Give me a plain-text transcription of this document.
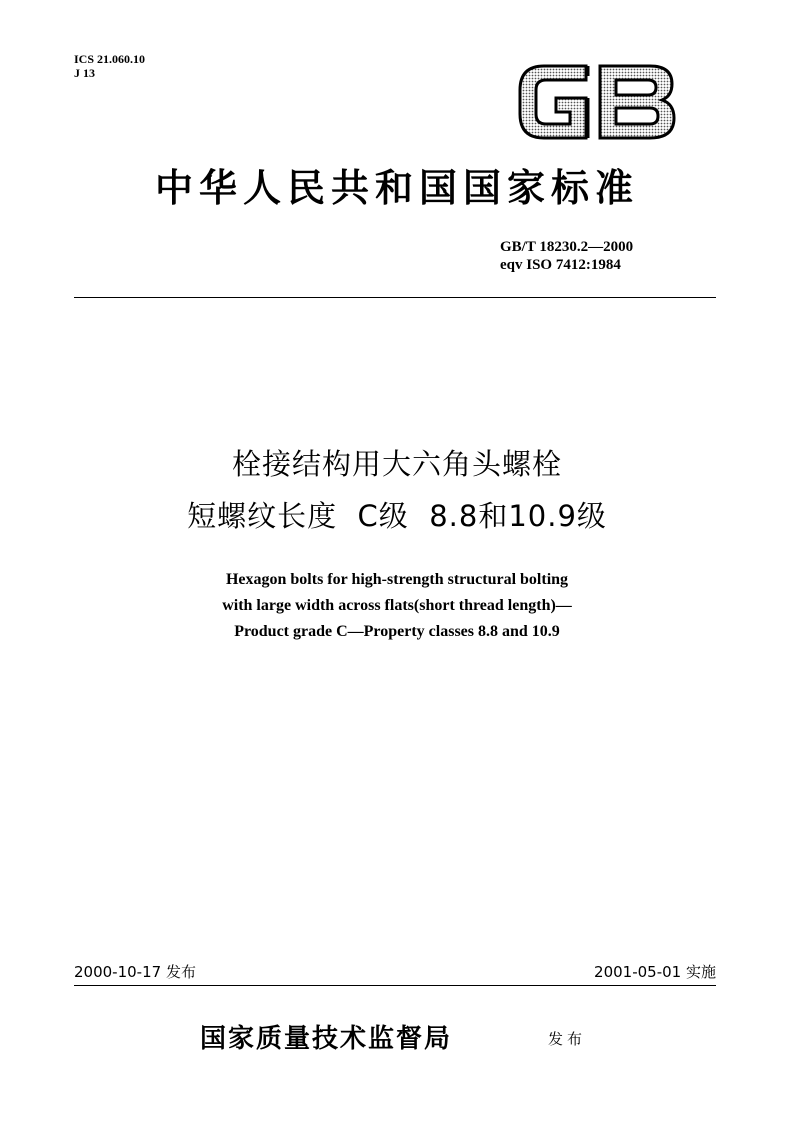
ICS 21.060.10
J 13
中华人民共和国国家标准
GB/T 18230.2—2000
eqv ISO 7412:1984
栓接结构用大六角头螺栓
短螺纹长度  C级  8.8和10.9级
Hexagon bolts for high-strength structural bolting
with large width across flats(short thread length)—
Product grade C—Property classes 8.8 and 10.9
2000-10-17 发布	2001-05-01 实施
国家质量技术监督局	发布
